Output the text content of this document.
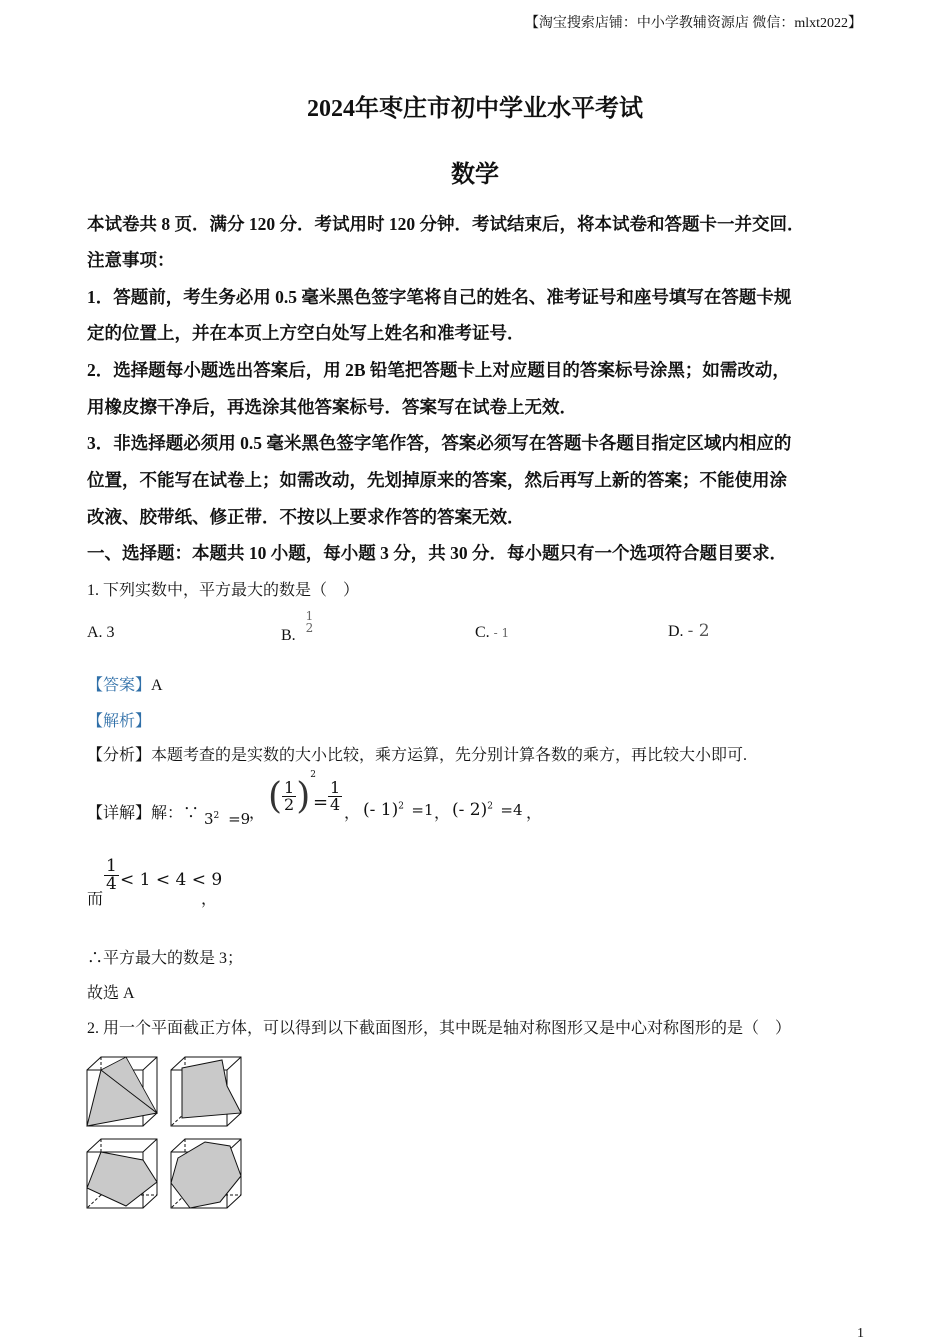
【淘宝搜索店铺：中小学教辅资源店 微信：mlxt2022】
2024年枣庄市初中学业水平考试
数学
本试卷共 8 页．满分 120 分．考试用时 120 分钟．考试结束后，将本试卷和答题卡一并交回．
注意事项：
1．答题前，考生务必用 0.5 毫米黑色签字笔将自己的姓名、准考证号和座号填写在答题卡规
定的位置上，并在本页上方空白处写上姓名和准考证号．
2．选择题每小题选出答案后，用 2B 铅笔把答题卡上对应题目的答案标号涂黑；如需改动，
用橡皮擦干净后，再选涂其他答案标号．答案写在试卷上无效．
3．非选择题必须用 0.5 毫米黑色签字笔作答，答案必须写在答题卡各题目指定区域内相应的
位置，不能写在试卷上；如需改动，先划掉原来的答案，然后再写上新的答案；不能使用涂
改液、胶带纸、修正带．不按以上要求作答的答案无效．
一、选择题：本题共 10 小题，每小题 3 分，共 30 分．每小题只有一个选项符合题目要求．
1. 下列实数中，平方最大的数是（　）
A. 3	B.
1
2	C. - 1	D. - 2
【答案】A
【解析】
【分析】本题考查的是实数的大小比较，乘方运算，先分别计算各数的乘方，再比较大小即可.
【详解】解：∵ $3^2 =9$
， ( $\frac{1}{2} )^2$
= $\frac{1}{4}$
， (- 1)$^2$ =1 ， (- 2)$^2$ =4 ，
而
$\frac{1}{4} < 1 < 4 < 9$
，
∴平方最大的数是 3；
故选 A
2. 用一个平面截正方体，可以得到以下截面图形，其中既是轴对称图形又是中心对称图形的是（　）
1
